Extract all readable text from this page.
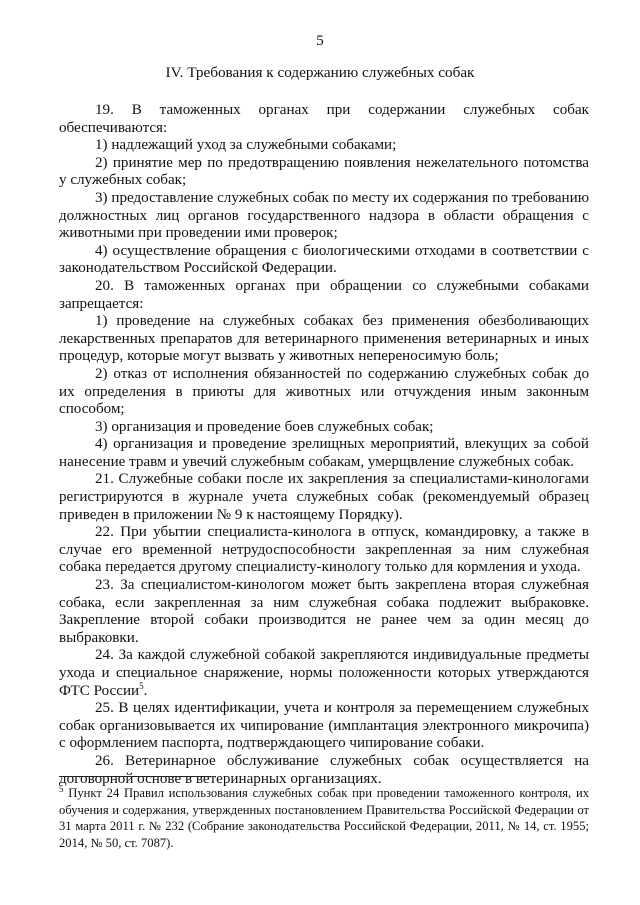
5
IV. Требования к содержанию служебных собак

19. В таможенных органах при содержании служебных собак обеспечиваются:

1) надлежащий уход за служебными собаками;

2) принятие мер по предотвращению появления нежелательного потомства у служебных собак;

3) предоставление служебных собак по месту их содержания по требованию должностных лиц органов государственного надзора в области обращения с животными при проведении ими проверок;

4) осуществление обращения с биологическими отходами в соответствии с законодательством Российской Федерации.

20. В таможенных органах при обращении со служебными собаками запрещается:

1) проведение на служебных собаках без применения обезболивающих лекарственных препаратов для ветеринарного применения ветеринарных и иных процедур, которые могут вызвать у животных непереносимую боль;

2) отказ от исполнения обязанностей по содержанию служебных собак до их определения в приюты для животных или отчуждения иным законным способом;

3) организация и проведение боев служебных собак;

4) организация и проведение зрелищных мероприятий, влекущих за собой нанесение травм и увечий служебным собакам, умерщвление служебных собак.

21. Служебные собаки после их закрепления за специалистами-кинологами регистрируются в журнале учета служебных собак (рекомендуемый образец приведен в приложении № 9 к настоящему Порядку).

22. При убытии специалиста-кинолога в отпуск, командировку, а также в случае его временной нетрудоспособности закрепленная за ним служебная собака передается другому специалисту-кинологу только для кормления и ухода.

23. За специалистом-кинологом может быть закреплена вторая служебная собака, если закрепленная за ним служебная собака подлежит выбраковке. Закрепление второй собаки производится не ранее чем за один месяц до выбраковки.

24. За каждой служебной собакой закрепляются индивидуальные предметы ухода и специальное снаряжение, нормы положенности которых утверждаются ФТС России$^5$.

25. В целях идентификации, учета и контроля за перемещением служебных собак организовывается их чипирование (имплантация электронного микрочипа) с оформлением паспорта, подтверждающего чипирование собаки.

26. Ветеринарное обслуживание служебных собак осуществляется на договорной основе в ветеринарных организациях.

$^5$ Пункт 24 Правил использования служебных собак при проведении таможенного контроля, их обучения и содержания, утвержденных постановлением Правительства Российской Федерации от 31 марта 2011 г. № 232 (Собрание законодательства Российской Федерации, 2011, № 14, ст. 1955; 2014, № 50, ст. 7087).
